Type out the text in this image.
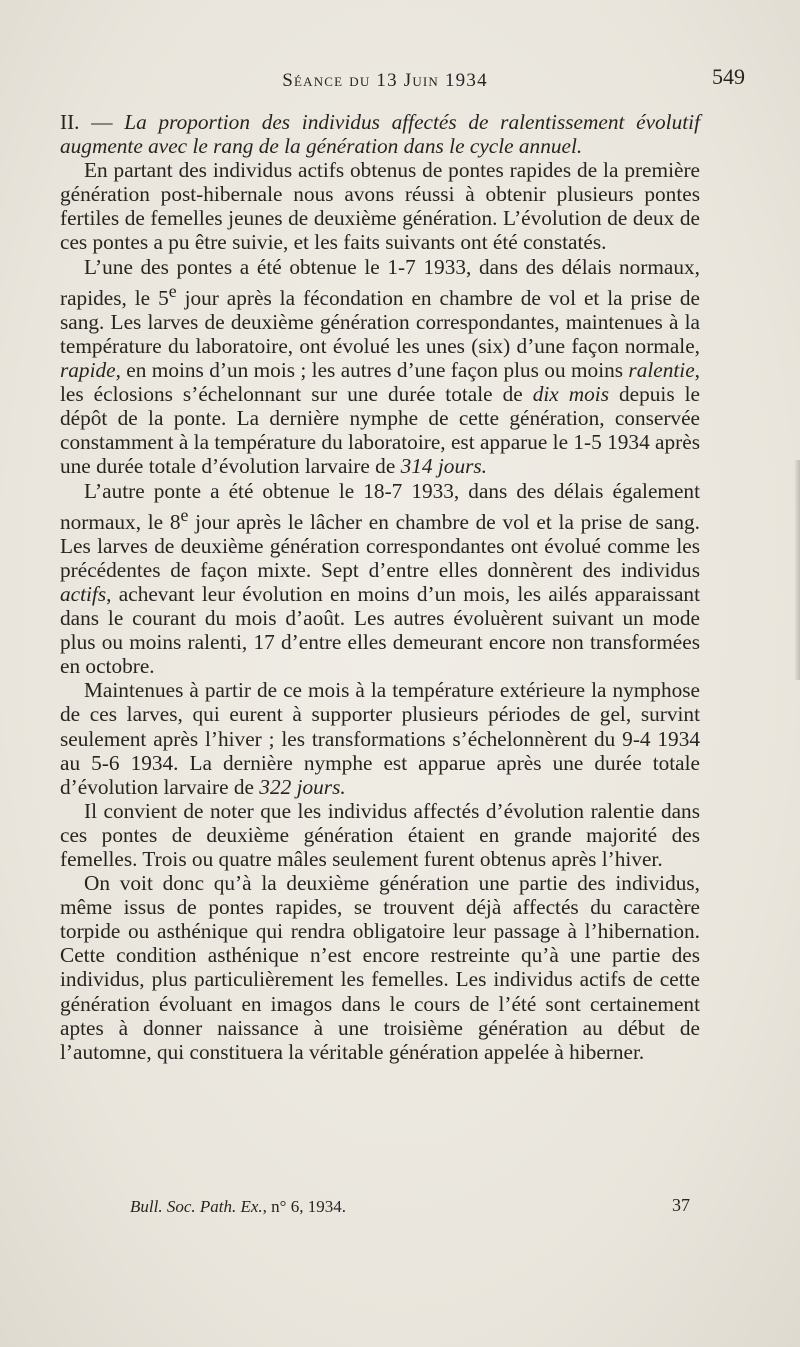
Séance du 13 Juin 1934	549

II. — La proportion des individus affectés de ralentissement évolutif augmente avec le rang de la génération dans le cycle annuel.

En partant des individus actifs obtenus de pontes rapides de la première génération post-hibernale nous avons réussi à obtenir plusieurs pontes fertiles de femelles jeunes de deuxième génération. L’évolution de deux de ces pontes a pu être suivie, et les faits suivants ont été constatés.

L’une des pontes a été obtenue le 1-7 1933, dans des délais normaux, rapides, le 5e jour après la fécondation en chambre de vol et la prise de sang. Les larves de deuxième génération correspondantes, maintenues à la température du laboratoire, ont évolué les unes (six) d’une façon normale, rapide, en moins d’un mois ; les autres d’une façon plus ou moins ralentie, les éclosions s’échelonnant sur une durée totale de dix mois depuis le dépôt de la ponte. La dernière nymphe de cette génération, conservée constamment à la température du laboratoire, est apparue le 1-5 1934 après une durée totale d’évolution larvaire de 314 jours.

L’autre ponte a été obtenue le 18-7 1933, dans des délais également normaux, le 8e jour après le lâcher en chambre de vol et la prise de sang. Les larves de deuxième génération correspondantes ont évolué comme les précédentes de façon mixte. Sept d’entre elles donnèrent des individus actifs, achevant leur évolution en moins d’un mois, les ailés apparaissant dans le courant du mois d’août. Les autres évoluèrent suivant un mode plus ou moins ralenti, 17 d’entre elles demeurant encore non transformées en octobre.

Maintenues à partir de ce mois à la température extérieure la nymphose de ces larves, qui eurent à supporter plusieurs périodes de gel, survint seulement après l’hiver ; les transformations s’échelonnèrent du 9-4 1934 au 5-6 1934. La dernière nymphe est apparue après une durée totale d’évolution larvaire de 322 jours.

Il convient de noter que les individus affectés d’évolution ralentie dans ces pontes de deuxième génération étaient en grande majorité des femelles. Trois ou quatre mâles seulement furent obtenus après l’hiver.

On voit donc qu’à la deuxième génération une partie des individus, même issus de pontes rapides, se trouvent déjà affectés du caractère torpide ou asthénique qui rendra obligatoire leur passage à l’hibernation. Cette condition asthénique n’est encore restreinte qu’à une partie des individus, plus particulièrement les femelles. Les individus actifs de cette génération évoluant en imagos dans le cours de l’été sont certainement aptes à donner naissance à une troisième génération au début de l’automne, qui constituera la véritable génération appelée à hiberner.

Bull. Soc. Path. Ex., n° 6, 1934.	37
